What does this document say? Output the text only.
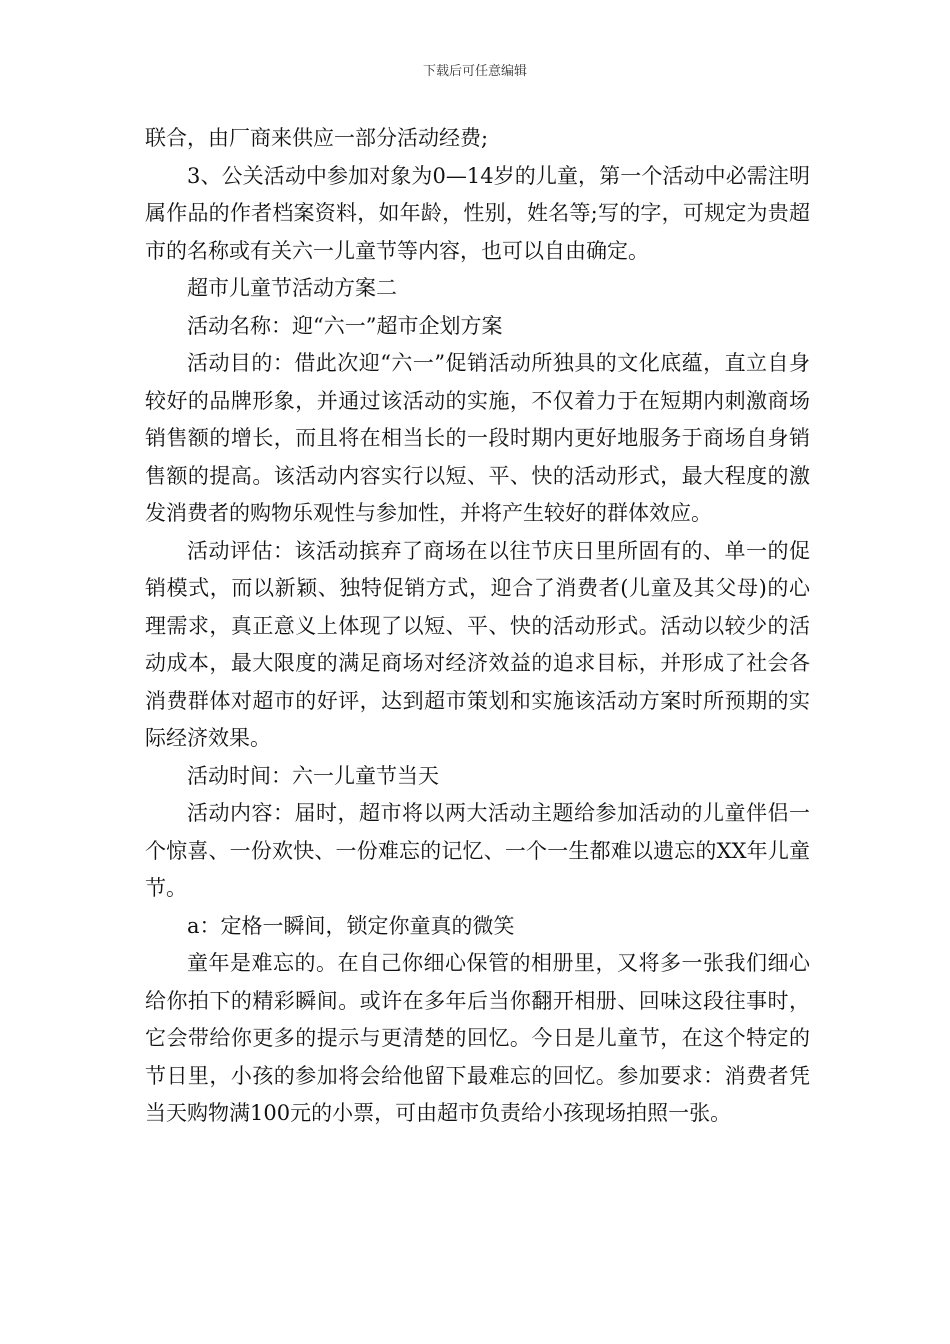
下载后可任意编辑

联合，由厂商来供应一部分活动经费;

3、公关活动中参加对象为0—14岁的儿童，第一个活动中必需注明属作品的作者档案资料，如年龄，性别，姓名等;写的字，可规定为贵超市的名称或有关六一儿童节等内容，也可以自由确定。

超市儿童节活动方案二

活动名称：迎“六一”超市企划方案

活动目的：借此次迎“六一”促销活动所独具的文化底蕴，直立自身较好的品牌形象，并通过该活动的实施，不仅着力于在短期内刺激商场销售额的增长，而且将在相当长的一段时期内更好地服务于商场自身销售额的提高。该活动内容实行以短、平、快的活动形式，最大程度的激发消费者的购物乐观性与参加性，并将产生较好的群体效应。

活动评估：该活动摈弃了商场在以往节庆日里所固有的、单一的促销模式，而以新颖、独特促销方式，迎合了消费者(儿童及其父母)的心理需求，真正意义上体现了以短、平、快的活动形式。活动以较少的活动成本，最大限度的满足商场对经济效益的追求目标，并形成了社会各消费群体对超市的好评，达到超市策划和实施该活动方案时所预期的实际经济效果。

活动时间：六一儿童节当天

活动内容：届时，超市将以两大活动主题给参加活动的儿童伴侣一个惊喜、一份欢快、一份难忘的记忆、一个一生都难以遗忘的XX年儿童节。

a：定格一瞬间，锁定你童真的微笑

童年是难忘的。在自己你细心保管的相册里，又将多一张我们细心给你拍下的精彩瞬间。或许在多年后当你翻开相册、回味这段往事时，它会带给你更多的提示与更清楚的回忆。今日是儿童节，在这个特定的节日里，小孩的参加将会给他留下最难忘的回忆。参加要求：消费者凭当天购物满100元的小票，可由超市负责给小孩现场拍照一张。
